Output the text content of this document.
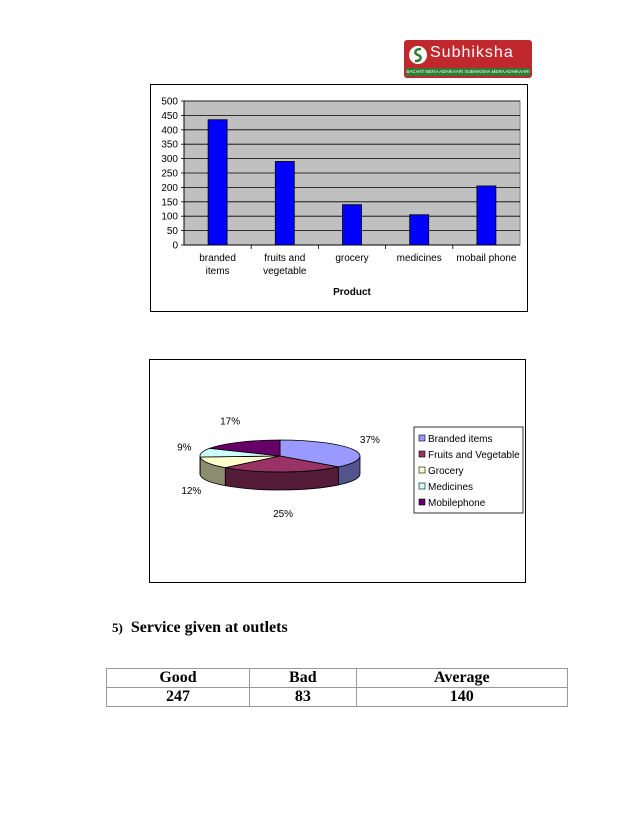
Subhiksha
BACHAT MERA ADHIKAAR! SUBHIKSHA MERA ADHIKAAR!
0
50
100
150
200
250
300
350
400
450
500
branded
items
fruits and
vegetable
grocery	medicines mobail phone
Product
37%
25%
12%
9%
17%
Branded items
Fruits and Vegetable
Grocery
Medicines
Mobilephone
5) Service given at outlets
Good	Bad	Average
247	83	140
